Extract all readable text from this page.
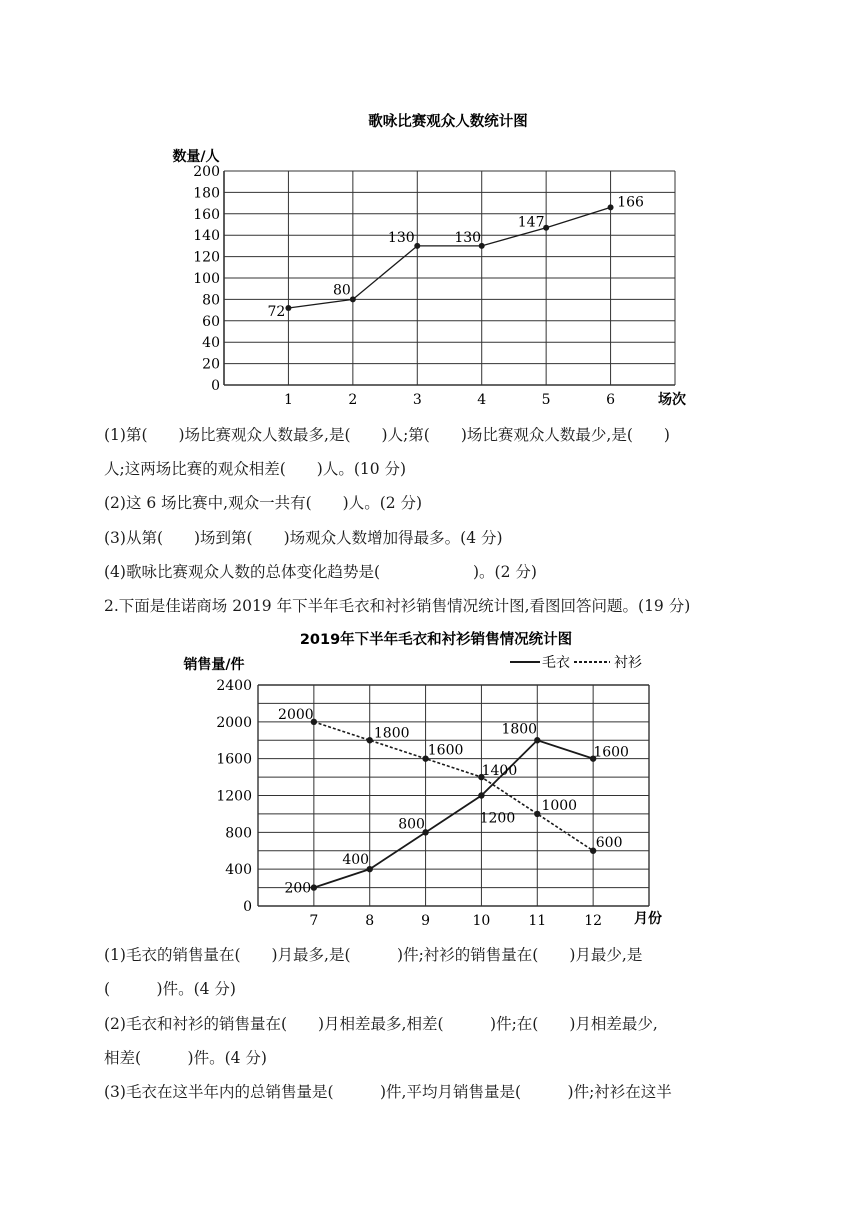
歌咏比赛观众人数统计图
数量/人
场次
0
20
40
60
80
100
120
140
160
180
200
1	2	3	4	5	6
72
80
130	130
147
166
(1)第(　　)场比赛观众人数最多,是(　　)人;第(　　)场比赛观众人数最少,是(　　)
人;这两场比赛的观众相差(　　)人。(10 分)
(2)这 6 场比赛中,观众一共有(　　)人。(2 分)
(3)从第(　　)场到第(　　)场观众人数增加得最多。(4 分)
(4)歌咏比赛观众人数的总体变化趋势是(　　　　　　)。(2 分)
2.下面是佳诺商场 2019 年下半年毛衣和衬衫销售情况统计图,看图回答问题。(19 分)
2019年下半年毛衣和衬衫销售情况统计图
销售量/件
月份
毛衣	衬衫
0
400
800
1200
1600
2000
2400
7	8	9	10	11	12
200
400
800	1200
1800
1600
2000
1800
1600
1400
1000
600
(1)毛衣的销售量在(　　)月最多,是(　　　)件;衬衫的销售量在(　　)月最少,是
(　　　)件。(4 分)
(2)毛衣和衬衫的销售量在(　　)月相差最多,相差(　　　)件;在(　　)月相差最少,
相差(　　　)件。(4 分)
(3)毛衣在这半年内的总销售量是(　　　)件,平均月销售量是(　　　)件;衬衫在这半
